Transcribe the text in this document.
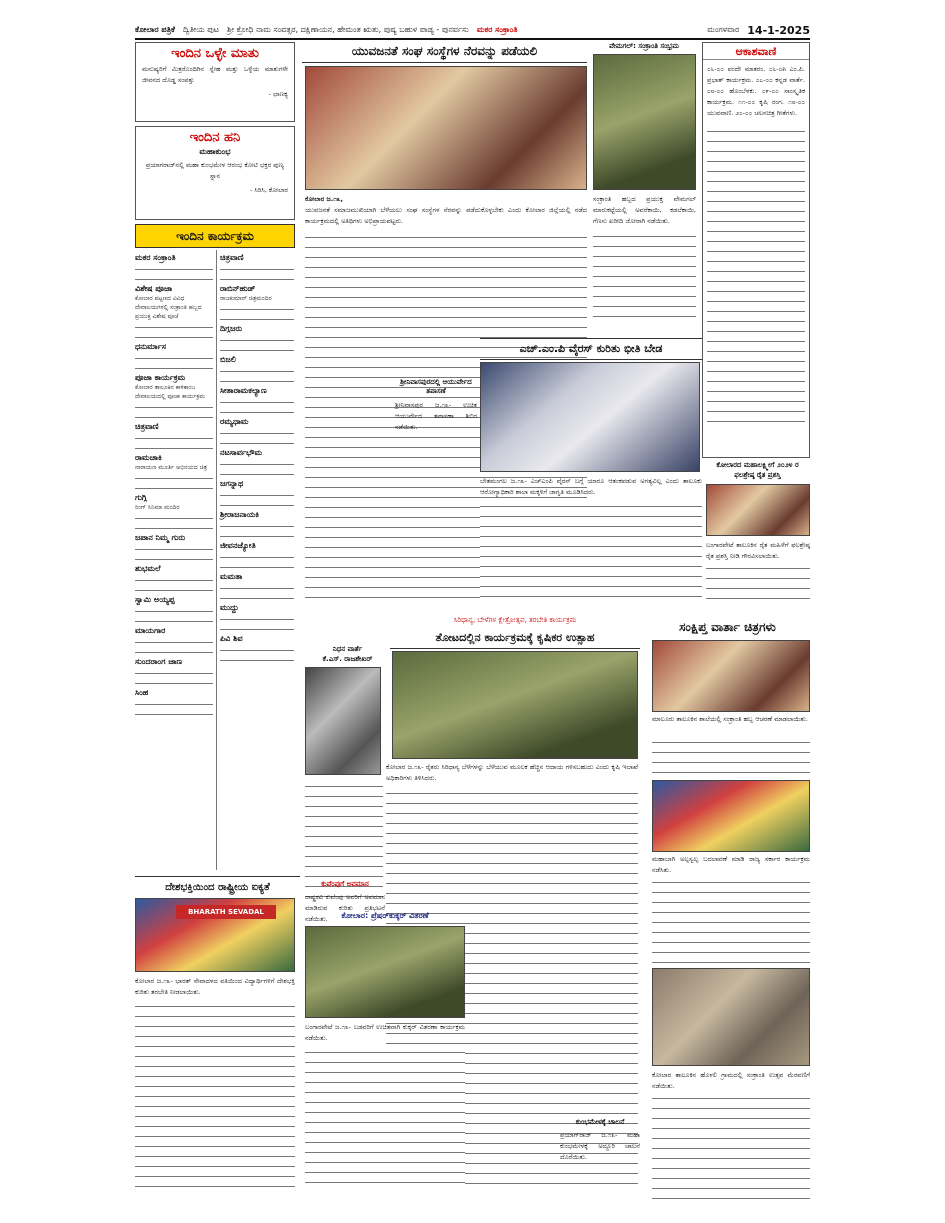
ಕೋಲಾರ ಪತ್ರಿಕೆ ದ್ವಿತೀಯ ಪುಟ ಶ್ರೀ ಕ್ರೋಧಿ ನಾಮ ಸಂವತ್ಸರ, ದಕ್ಷಿಣಾಯನ, ಹೇಮಂತ ಋತು, ಪುಷ್ಯ ಬಹುಳ ಪಾಡ್ಯ - ಪುನರ್ವಸು ಮಕರ ಸಂಕ್ರಾಂತಿ	ಮಂಗಳವಾರ 14-1-2025
ಇಂದಿನ ಒಳ್ಳೇ ಮಾತು
ಮನುಷ್ಯರಿಗೆ ಮಿತ್ರರೊಂದಿಗಿನ ಸ್ನೇಹ ಮತ್ತು ಒಳ್ಳೆಯ ಮಾತುಗಳೇ ಜೀವನದ ದೊಡ್ಡ ಸಂಪತ್ತು
- ಛಾಣಕ್ಯ
ಇಂದಿನ ಹನಿ
ಮಹಾಕುಂಭ
ಪ್ರಯಾಗರಾಜ್‌ನಲ್ಲಿ ಮಹಾ ಕುಂಭಮೇಳ ಆರಂಭ ಕೋಟಿ ಭಕ್ತರ ಪುಣ್ಯ ಸ್ನಾನ
- ಸಿರಿಸಿ, ಕೋಲಾರ
ಇಂದಿನ ಕಾರ್ಯಕ್ರಮ
ಮಕರ ಸಂಕ್ರಾಂತಿ
ವಿಶೇಷ ಪೂಜಾ
ಕೋಲಾರ ಪಟ್ಟಣದ ವಿವಿಧ ದೇವಾಲಯಗಳಲ್ಲಿ ಸಂಕ್ರಾಂತಿ ಹಬ್ಬದ ಪ್ರಯುಕ್ತ ವಿಶೇಷ ಪೂಜೆ
ಧನುರ್ಮಾಸ
ಪೂಜಾ ಕಾರ್ಯಕ್ರಮ
ಕೋಲಾರ ತಾಲೂಕಿನ ಕಾಳಿಕಾಂಬ ದೇವಾಲಯದಲ್ಲಿ ಪೂಜಾ ಕಾರ್ಯಕ್ರಮ
ಚಿತ್ರವಾಣಿ
ರಾಮಚಾಕಿ
ನಾರಾಯಣ ಮೂರ್ತಿ ಅಭಿನಯದ ಚಿತ್ರ
ಗುಗ್ಗಿ
ರಿಂಗ್ ಸಿನಿಮಾ ಮಂದಿರ
ಜಪಾನ ನಿಮ್ಮ ಗುರು
ಶುಭಮಲೆ
ಸ್ವಾಮಿ ಅಯ್ಯಪ್ಪ
ಮಾಯಗಾರ
ಸುಂದರಾಂಗ ಜಾಣ
ಸಿಂಹ
ಚಿತ್ರವಾಣಿ
ರಾಬಿನ್‌ಹುಡ್
ರಾಜಕುಮಾರ್ ಚಿತ್ರಮಂದಿರ
ದಿಗ್ಗಜರು
ಬಿಜಲಿ
ಸೀತಾರಾಮಕಲ್ಯಾಣ
ರಮ್ಯಧಾಮ
ನಟಸಾರ್ವಭೌಮ
ಜಗನ್ನಾಥ
ಶ್ರೀರಾಜನಾಯಕಿ
ಜೀವನಜ್ಯೋತಿ
ಮಮತಾ
ಮುದ್ದು
ಪಿವಿ ಶಿವ
ಯುವಜನತೆ ಸಂಘ ಸಂಸ್ಥೆಗಳ ನೆರವನ್ನು ಪಡೆಯಲಿ
ಕೋಲಾರ ಜ.೧೩,
ಯುವಜನತೆ ಸಮಾಜಮುಖಿಯಾಗಿ ಬೆಳೆಯಲು ಸಂಘ ಸಂಸ್ಥೆಗಳ ನೆರವನ್ನು ಪಡೆದುಕೊಳ್ಳಬೇಕು ಎಂದು ಕೋಲಾರ ಜಿಲ್ಲೆಯಲ್ಲಿ ನಡೆದ ಕಾರ್ಯಕ್ರಮದಲ್ಲಿ ಅತಿಥಿಗಳು ಅಭಿಪ್ರಾಯಪಟ್ಟರು.
ವೇಮಗಲ್: ಸಂಕ್ರಾಂತಿ ಸಂಭ್ರಮ
ಸಂಕ್ರಾಂತಿ ಹಬ್ಬದ ಪ್ರಯುಕ್ತ ವೇಮಗಲ್ ಮಾರುಕಟ್ಟೆಯಲ್ಲಿ ಅವರೆಕಾಯಿ, ಕಡಲೆಕಾಯಿ, ಗೆಣಸು ಖರೀದಿ ಜೋರಾಗಿ ನಡೆಯಿತು.
ಆಕಾಶವಾಣಿ
೦೬-೦೦ ವಂದೇ ಮಾತರಂ. ೦೬-೦೫ ಎಂ.ಪಿ. ಪ್ರಭಾತ್ ಕಾರ್ಯಕ್ರಮ. ೦೭-೦೦ ಕನ್ನಡ ವಾರ್ತೆ. ೦೮-೦೦ ಹೊಂಬೆಳಕು. ೦೯-೦೦ ಸಾಂಸ್ಕೃತಿಕ ಕಾರ್ಯಕ್ರಮ. ೧೧-೦೦ ಕೃಷಿ ರಂಗ. ೧೮-೦೦ ಯುವವಾಣಿ. ೨೦-೦೦ ಚಲನಚಿತ್ರ ಗೀತೆಗಳು.
ಕೋಲಾರದ ಮಹಾಲಕ್ಷ್ಮೀಗೆ ೨೦೨೪ ರ ಫಲಶ್ರೇಷ್ಠ ರೈತ ಪ್ರಶಸ್ತಿ
ಬಂಗಾರಪೇಟೆ ತಾಲೂಕಿನ ರೈತ ಮಹಿಳೆಗೆ ಫಲಶ್ರೇಷ್ಠ ರೈತ ಪ್ರಶಸ್ತಿ ನೀಡಿ ಗೌರವಿಸಲಾಯಿತು.
ಎಚ್.ಎಂ.ಪಿ ವೈರಸ್ ಕುರಿತು ಭೀತಿ ಬೇಡ
ಬೇತಮಂಗಲ ಜ.೧೩- ಎಚ್‌ಎಂಪಿ ವೈರಸ್ ಬಗ್ಗೆ ಯಾರೂ ಆತಂಕಪಡುವ ಅಗತ್ಯವಿಲ್ಲ ಎಂದು ತಾಲೂಕು ಆರೋಗ್ಯಾಧಿಕಾರಿ ಶಾಲಾ ಮಕ್ಕಳಿಗೆ ಜಾಗೃತಿ ಮೂಡಿಸಿದರು.
ಶ್ರೀನಿವಾಸಪುರದಲ್ಲಿ ಆಯುರ್ವೇದ ತಪಾಸಣೆ
ಶ್ರೀನಿವಾಸಪುರ ಜ.೧೩- ಉಚಿತ ಆಯುರ್ವೇದ ತಪಾಸಣಾ ಶಿಬಿರ ನಡೆಯಿತು.
ನಿಧನ ವಾರ್ತೆ
ಕೆ.ಎಸ್. ರಾಜಶೇಖರ್
ಸಿರಿಧಾನ್ಯ, ಬೇಳೆಗಳ ಕ್ಷೇತ್ರೋತ್ಸವ, ತರಬೇತಿ ಕಾರ್ಯಕ್ರಮ
ತೋಟದಲ್ಲಿನ ಕಾರ್ಯಕ್ರಮಕ್ಕೆ ಕೃಷಿಕರ ಉತ್ಸಾಹ
ಕೋಲಾರ ಜ.೧೩- ರೈತರು ಸಿರಿಧಾನ್ಯ ಬೆಳೆಗಳನ್ನು ಬೆಳೆಯುವ ಮೂಲಕ ಹೆಚ್ಚಿನ ಆದಾಯ ಗಳಿಸಬಹುದು ಎಂದು ಕೃಷಿ ಇಲಾಖೆ ಅಧಿಕಾರಿಗಳು ತಿಳಿಸಿದರು.
ಕುವೆಂಪುಗೆ ಅವಮಾನ
ರಾಷ್ಟ್ರಕವಿ ಕುವೆಂಪು ಅವರಿಗೆ ಅವಮಾನ ಮಾಡಿರುವ ಕುರಿತು ಪ್ರತಿಭಟನೆ ನಡೆಯಿತು.
ಸಂಕ್ಷಿಪ್ತ ವಾರ್ತಾ ಚಿತ್ರಗಳು
ಮಾಲೂರು ತಾಲೂಕಿನ ಶಾಲೆಯಲ್ಲಿ ಸಂಕ್ರಾಂತಿ ಹಬ್ಬ ಆಚರಣೆ ಮಾಡಲಾಯಿತು.
ಮಹಾಬಾಗಿ ಅಲ್ಪಸ್ವಲ್ಪ ಬದಲಾವಣೆ ಮಾಡಿ ರಾಜ್ಯ ಸರ್ಕಾರ ಕಾರ್ಯಕ್ರಮ ನಡೆಸಿತು.
ಕೋಲಾರ ತಾಲೂಕಿನ ಹೊಳಲಿ ಗ್ರಾಮದಲ್ಲಿ ಸಂಕ್ರಾಂತಿ ಉತ್ಸವ ಮೆರವಣಿಗೆ ನಡೆಯಿತು.
ದೇಶಭಕ್ತಿಯಿಂದ ರಾಷ್ಟ್ರೀಯ ಐಕ್ಯತೆ
BHARATH SEVADAL
ಕೋಲಾರ ಜ.೧೩- ಭಾರತ್ ಸೇವಾದಳದ ವತಿಯಿಂದ ವಿದ್ಯಾರ್ಥಿಗಳಿಗೆ ದೇಶಭಕ್ತಿ ಕುರಿತು ತರಬೇತಿ ನೀಡಲಾಯಿತು.
ಕೋಲಾರ: ಪ್ರೆಷರ್‌ಕುಕ್ಕರ್ ವಿತರಣೆ
ಬಂಗಾರಪೇಟೆ ಜ.೧೩- ಬಡವರಿಗೆ ಉಚಿತವಾಗಿ ಕುಕ್ಕರ್ ವಿತರಣಾ ಕಾರ್ಯಕ್ರಮ ನಡೆಯಿತು.
ಕುಂಭಮೇಳಕ್ಕೆ ಚಾಲನೆ
ಪ್ರಯಾಗ್‌ರಾಜ್ ಜ.೧೩- ಮಹಾ ಕುಂಭಮೇಳಕ್ಕೆ ಅದ್ದೂರಿ ಚಾಲನೆ ದೊರೆಯಿತು.
